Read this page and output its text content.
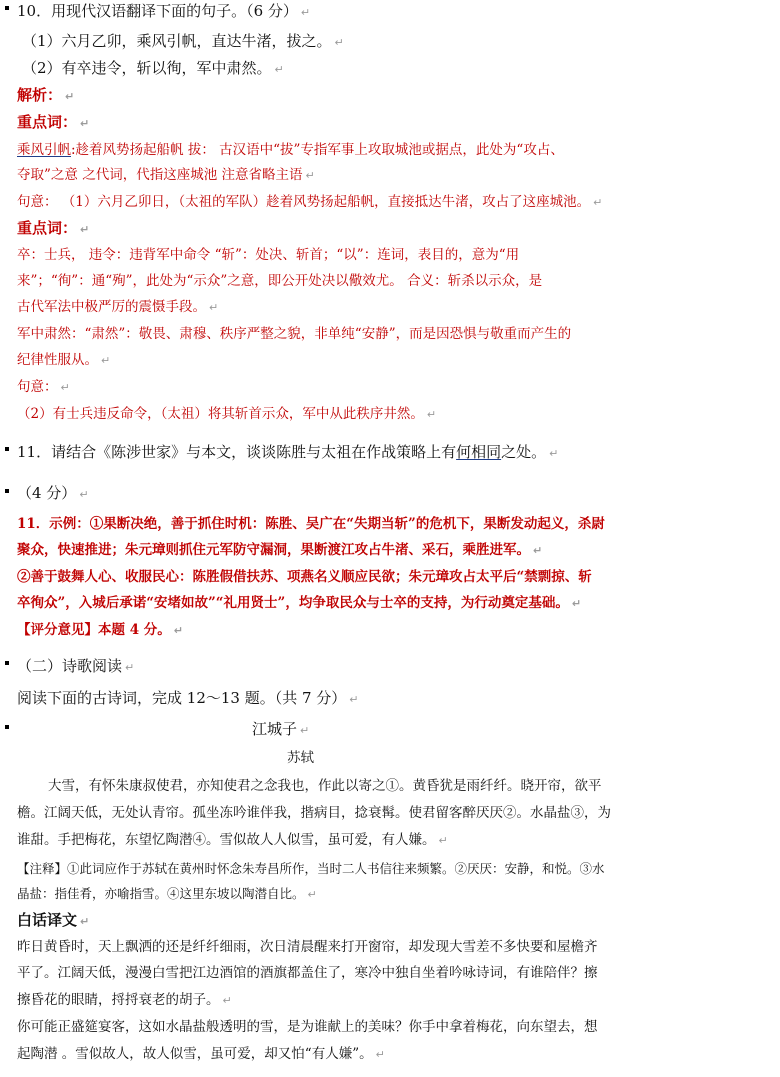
10．用现代汉语翻译下面的句子。（6 分） ↵
（1）六月乙卯，乘风引帆，直达牛渚，拔之。 ↵
（2）有卒违令，斩以徇，军中肃然。 ↵
解析： ↵
重点词： ↵
乘风引帆:趁着风势扬起船帆 拔： 古汉语中“拔”专指军事上攻取城池或据点，此处为“攻占、
夺取”之意 之代词，代指这座城池 注意省略主语 ↵
句意： （1）六月乙卯日，（太祖的军队）趁着风势扬起船帆，直接抵达牛渚，攻占了这座城池。 ↵
重点词： ↵
卒：士兵， 违令：违背军中命令 “斩”：处决、斩首；“以”：连词，表目的，意为“用
来”；“徇”：通“殉”，此处为“示众”之意，即公开处决以儆效尤。 合义：斩杀以示众，是
古代军法中极严厉的震慑手段。 ↵
军中肃然：“肃然”：敬畏、肃穆、秩序严整之貌，非单纯“安静”，而是因恐惧与敬重而产生的
纪律性服从。 ↵
句意： ↵
（2）有士兵违反命令，（太祖）将其斩首示众，军中从此秩序井然。 ↵
11．请结合《陈涉世家》与本文，谈谈陈胜与太祖在作战策略上有何相同之处。 ↵
（4 分） ↵
11．示例：①果断决绝，善于抓住时机：陈胜、吴广在“失期当斩”的危机下，果断发动起义，杀尉
聚众，快速推进；朱元璋则抓住元军防守漏洞，果断渡江攻占牛渚、采石，乘胜进军。 ↵
②善于鼓舞人心、收服民心：陈胜假借扶苏、项燕名义顺应民欲；朱元璋攻占太平后“禁剽掠、斩
卒徇众”，入城后承诺“安堵如故”“礼用贤士”，均争取民众与士卒的支持，为行动奠定基础。 ↵
【评分意见】本题 4 分。 ↵
（二）诗歌阅读 ↵
阅读下面的古诗词，完成 12～13 题。（共 7 分） ↵
江城子 ↵
苏轼
大雪，有怀朱康叔使君，亦知使君之念我也，作此以寄之①。黄昏犹是雨纤纤。晓开帘，欲平
檐。江阔天低，无处认青帘。孤坐冻吟谁伴我，揩病目，捻衰髯。使君留客醉厌厌②。水晶盐③，为
谁甜。手把梅花，东望忆陶潜④。雪似故人人似雪，虽可爱，有人嫌。 ↵
【注释】①此词应作于苏轼在黄州时怀念朱寿昌所作，当时二人书信往来频繁。②厌厌：安静，和悦。③水
晶盐：指佳肴，亦喻指雪。④这里东坡以陶潜自比。 ↵
白话译文 ↵
昨日黄昏时，天上飘洒的还是纤纤细雨，次日清晨醒来打开窗帘，却发现大雪差不多快要和屋檐齐
平了。江阔天低，漫漫白雪把江边酒馆的酒旗都盖住了，寒冷中独自坐着吟咏诗词，有谁陪伴？擦
擦昏花的眼睛，捋捋衰老的胡子。 ↵
你可能正盛筵宴客，这如水晶盐般透明的雪，是为谁献上的美味？你手中拿着梅花，向东望去，想
起陶潜 。雪似故人，故人似雪，虽可爱，却又怕“有人嫌”。 ↵
